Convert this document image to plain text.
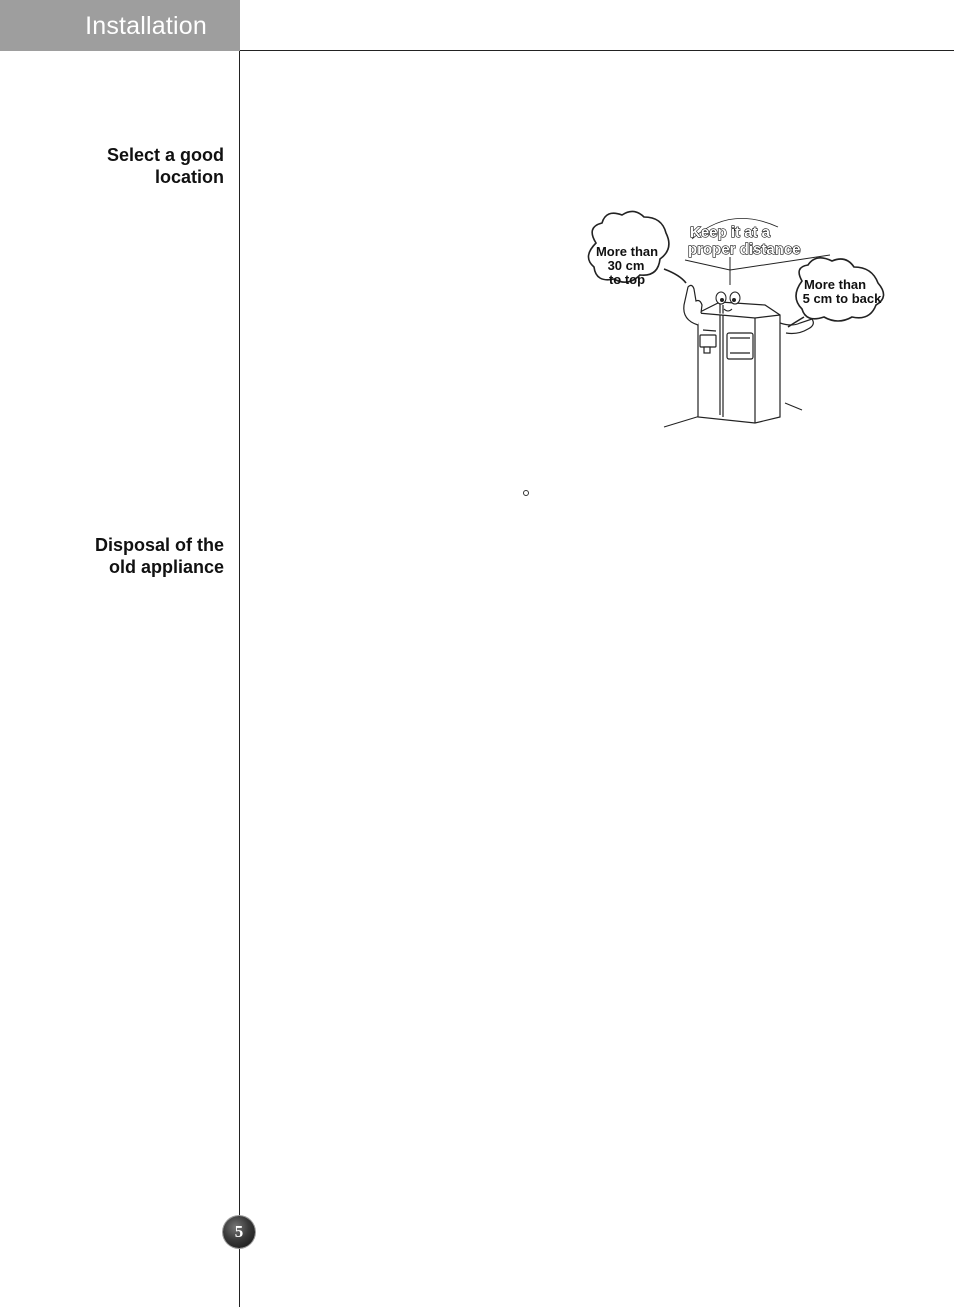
Installation
Select a good
location
Disposal of the
old appliance
More than
30 cm
to top
Keep it at a
proper distance
More than
5 cm to back
5
